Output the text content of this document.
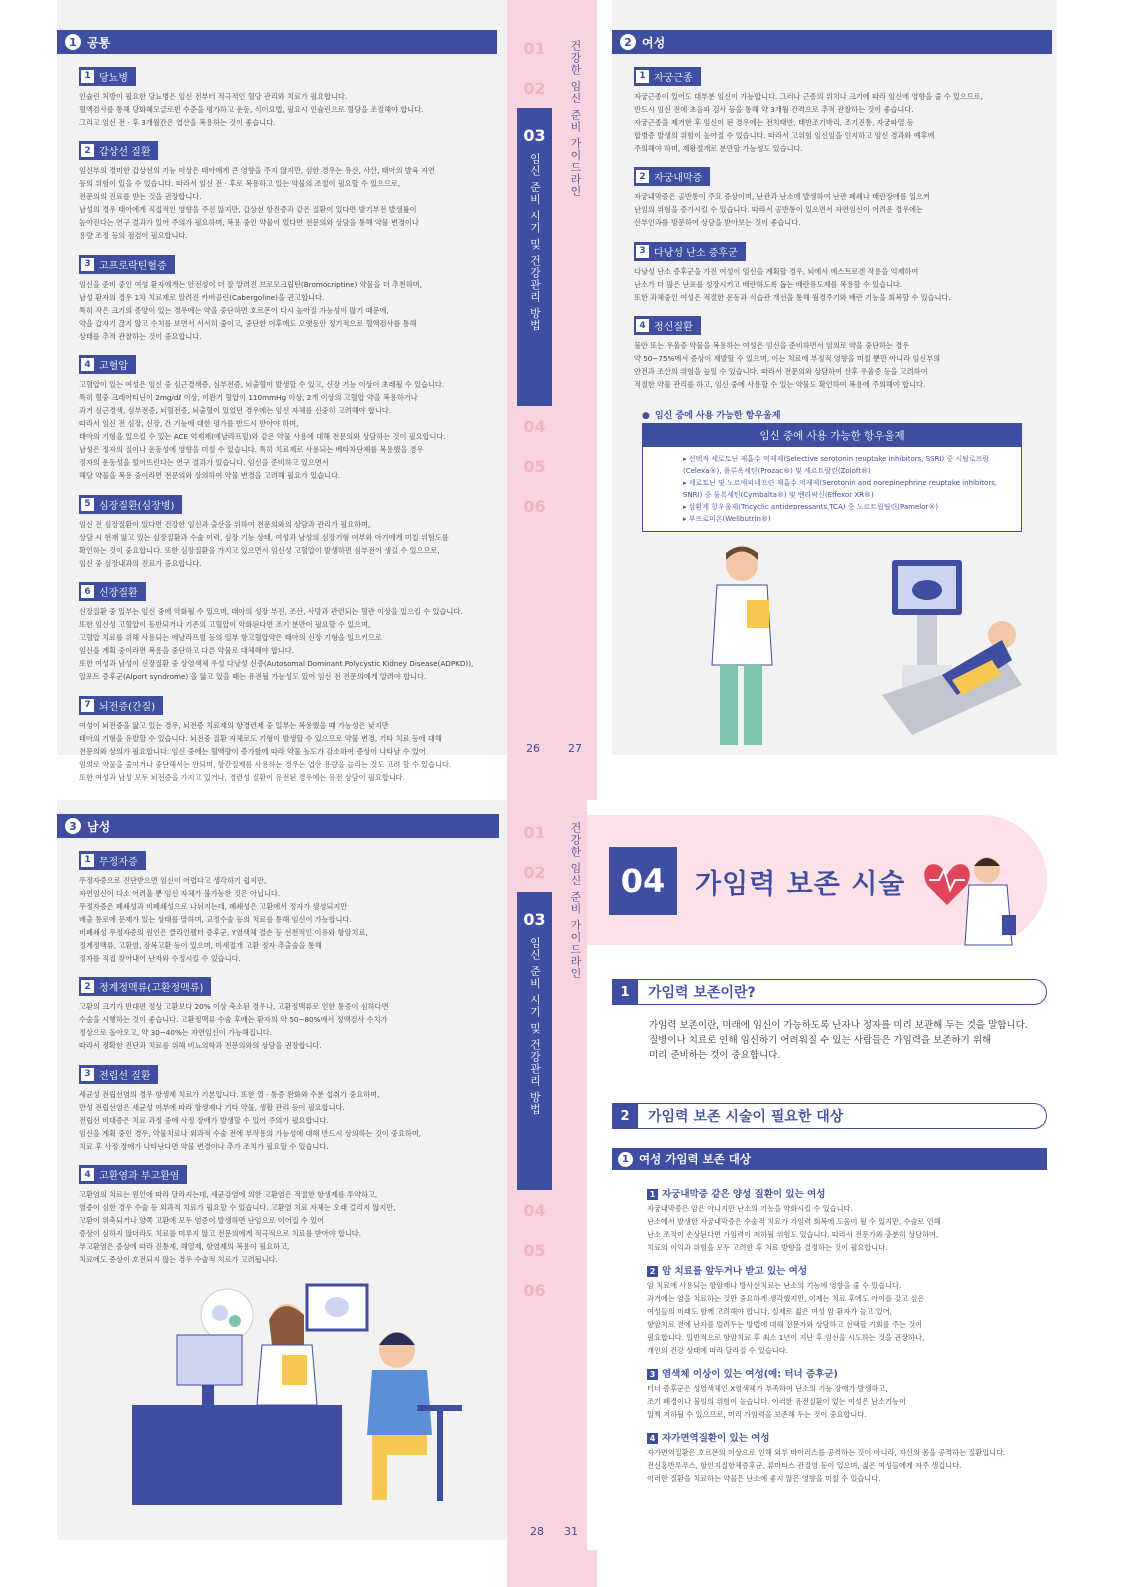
1 공통
1 당뇨병
인슐린 처방이 필요한 당뇨병은 임신 전부터 적극적인 혈당 관리와 치료가 필요합니다.
혈액검사를 통해 당화혜모글로빈 수준을 평가하고 운동, 식이요법, 필요시 인슐린으로 혈당을 조절해야 합니다.
그리고 임신 전 · 후 3개월간은 엽산을 복용하는 것이 좋습니다.
2 갑상선 질환
임신부의 경미한 갑상선의 기능 이상은 태아에게 큰 영향을 주지 않지만, 심한 경우는 유산, 사산, 태아의 발육 지연
등의 위험이 있을 수 있습니다. 따라서 임신 전 · 후로 복용하고 있는 약물의 조절이 필요할 수 있으므로,
전문의의 진료를 받는 것을 권장합니다.
남성의 경우 태아에게 직접적인 영향을 주진 않지만, 갑상선 항진증과 같은 질환이 있다면 발기부전 발생률이
높아진다는 연구 결과가 있어 주의가 필요하며, 복용 중인 약물이 있다면 전문의와 상담을 통해 약물 변경이나
용량 조정 등의 점검이 필요합니다.
3 고프로락틴혈증
임신을 준비 중인 여성 환자에게는 안전성이 더 잘 알려진 브로모크립틴(Bromocriptine) 약물을 더 추천하며,
남성 환자의 경우 1차 치료제로 알려진 카버골린(Cabergoline)을 권고합니다.
특히 작은 크기의 종양이 있는 경우에는 약을 중단하면 호르몬이 다시 높아질 가능성이 많기 때문에,
약을 갑자기 끊지 않고 수치를 보면서 서서히 줄이고, 중단한 이후에도 오랫동안 정기적으로 혈액검사를 통해
상태를 추적 관찰하는 것이 중요합니다.
4 고혈압
고혈압이 있는 여성은 임신 중 심근경색증, 심부전증, 뇌출혈이 발생할 수 있고, 신장 기능 이상이 초래될 수 있습니다.
특히 혈중 크레아티닌이 2mg/dℓ 이상, 이완기 혈압이 110mmHg 이상, 2개 이상의 고혈압 약을 복용하거나
과거 심근경색, 심부전증, 뇌혈전증, 뇌출혈이 있었던 경우에는 임신 자체를 신중히 고려해야 합니다.
따라서 임신 전 심장, 신장, 간 기능에 대한 평가를 반드시 받아야 하며,
태아의 기형을 일으킬 수 있는 ACE 억제제(에날라프릴)와 같은 약물 사용에 대해 전문의와 상담하는 것이 필요합니다.
남성은 정자의 질이나 운동성에 영향을 미칠 수 있습니다. 특히 치료제로 사용되는 베타차단제를 복용했을 경우
정자의 운동성을 떨어뜨린다는 연구 결과가 있습니다. 임신을 준비하고 있으면서
해당 약물을 복용 중이라면 전문의와 상의하여 약물 변경을 고려해 필요가 있습니다.
5 심장질환(심장병)
임신 전 심장질환이 있다면 건강한 임신과 출산을 위하여 전문의와의 상담과 관리가 필요하며,
상담 시 현재 앓고 있는 심장질환과 수술 이력, 심장 기능 상태, 여성과 남성의 심장기형 여부와 아기에게 미칠 위험도를
확인하는 것이 중요합니다. 또한 심장질환을 가지고 있으면서 임신성 고혈압이 발생하면 심부전이 생길 수 있으므로,
임신 중 심장내과의 진료가 중요합니다.
6 신장질환
신장질환 중 일부는 임신 중에 악화될 수 있으며, 태아의 성장 부진, 조산, 사망과 관련되는 혈관 이상을 일으킬 수 있습니다.
또한 임신성 고혈압이 동반되거나 기존의 고혈압이 악화된다면 조기 분만이 필요할 수 있으며,
고혈압 치료를 위해 사용되는 에날라프릴 등의 일부 항고혈압약은 태아의 신장 기형을 일으키므로
임신을 계획 중이라면 복용을 중단하고 다른 약물로 대체해야 합니다.
또한 여성과 남성이 신장질환 중 상염색체 우성 다낭성 신증(Autosomal Dominant Polycystic Kidney Disease(ADPKD)),
알포트 증후군(Alport syndrome) 을 앓고 있을 때는 유전될 가능성도 있어 임신 전 전문의에게 알려야 합니다.
7 뇌전증(간질)
여성이 뇌전증을 앓고 있는 경우, 뇌전증 치료제의 항경련제 중 일부는 복용했을 때 가능성은 낮지만
태아의 기형을 유발할 수 있습니다. 뇌전증 질환 자체로도 기형이 발생할 수 있으므로 약물 변경, 기타 치료 등에 대해
전문의와 상의가 필요합니다. 임신 중에는 혈액량이 증가함에 따라 약물 농도가 감소하여 증상이 나타날 수 있어
임의로 약물을 줄이거나 중단해서는 안되며, 항간질제를 사용하는 경우는 엽산 용량을 늘리는 것도 고려 할 수 있습니다.
또한 여성과 남성 모두 뇌전증을 가지고 있거나, 경련성 질환이 유전된 경우에는 유전 상담이 필요합니다.
01
02
03
임신 준비 시기 및 건강관리 방법
04
05
06
건강한 임신 준비 가이드라인
26	27
2 여성
1 자궁근종
자궁근종이 있어도 대부분 임신이 가능합니다. 그러나 근종의 위치나 크기에 따라 임신에 영향을 줄 수 있으므로,
반드시 임신 전에 초음파 검사 등을 통해 약 3개월 간격으로 추적 관찰하는 것이 좋습니다.
자궁근종을 제거한 후 임신이 된 경우에는 전치태반, 태반조기박리, 조기진통, 자궁파열 등
합병증 발생의 위험이 높아질 수 있습니다. 따라서 고위험 임신임을 인지하고 임신 경과와 예후에
주의해야 하며, 제왕절개로 분만할 가능성도 있습니다.
2 자궁내막증
자궁내막증은 골반통이 주요 증상이며, 난관과 난소에 발생하여 난관 폐쇄나 배란장애를 일으켜
난임의 위험을 증가시킬 수 있습니다. 따라서 골반통이 있으면서 자연임신이 어려운 경우에는
산부인과를 방문하여 상담을 받아보는 것이 좋습니다.
3 다낭성 난소 증후군
다낭성 난소 증후군을 가진 여성이 임신을 계획할 경우, 뇌에서 에스트로겐 작용을 억제하여
난소가 더 많은 난포를 성장시키고 배란하도록 돕는 배란유도제를 복용할 수 있습니다.
또한 과체중인 여성은 적절한 운동과 식습관 개선을 통해 월경주기와 배란 기능을 회복할 수 있습니다.
4 정신질환
불안 또는 우울증 약물을 복용하는 여성은 임신을 준비하면서 임의로 약을 중단하는 경우
약 50~75%에서 증상이 재발할 수 있으며, 이는 치료에 부정적 영향을 미칠 뿐만 아니라 임신부의
안전과 조산의 위험을 높일 수 있습니다. 따라서 전문의와 상담하여 산후 우울증 등을 고려하여
적절한 약물 관리를 하고, 임신 중에 사용할 수 있는 약물도 확인하여 복용에 주의해야 합니다.
● 임신 중에 사용 가능한 항우울제
임신 중에 사용 가능한 항우울제
▸ 선택적 세로토닌 재흡수 억제제(Selective serotonin reuptake inhibitors, SSRI) 중 시탈로프람(Celexa®), 플루옥세틴(Prozac®) 및 세르트랄린(Zoloft®)
▸ 세로토닌 및 노르에피네프린 재흡수 억제제(Serotonin and norepinephrine reuptake inhibitors, SNRI) 중 둘록세틴(Cymbalta®) 및 벤라팍신(Effexor XR®)
▸ 삼환계 항우울제(Tricyclic antidepressants,TCA) 중 노르트립틸린(Pamelor®)
▸ 부프로피온(Wellbutrin®)
3 남성
1 무정자증
무정자증으로 진단받으면 임신이 어렵다고 생각하기 쉽지만,
자연임신이 다소 어려울 뿐 임신 자체가 불가능한 것은 아닙니다.
무정자증은 폐쇄성과 비폐쇄성으로 나뉘지는데, 폐쇄성은 고환에서 정자가 생성되지만
배출 통로에 문제가 있는 상태를 말하며, 교정수술 등의 치료를 통해 임신이 가능합니다.
비폐쇄성 무정자증의 원인은 클라인펠터 증후군, Y염색체 결손 등 선천적인 이유와 항암치료,
정계정맥류, 고환염, 잠복고환 등이 있으며, 미세절개 고환 정자 추출술을 통해
정자를 직접 찾아내어 난자와 수정시킬 수 있습니다.
2 정계정맥류(고환정맥류)
고환의 크기가 반대편 정상 고환보다 20% 이상 축소된 경우나, 고환정맥류로 인한 통증이 심하다면
수술을 시행하는 것이 좋습니다. 고환정맥류 수술 후에는 환자의 약 50~80%에서 정액검사 수치가
정상으로 돌아오고, 약 30~40%는 자연임신이 가능해집니다.
따라서 정확한 진단과 치료를 위해 비뇨의학과 전문의와의 상담을 권장합니다.
3 전립선 질환
세균성 전립선염의 경우 항생제 치료가 기본입니다. 또한 열 · 통증 완화와 수분 섭취가 중요하며,
만성 전립선염은 세균성 여부에 따라 항생제나 기타 약물, 생활 관리 등이 필요합니다.
전립선 비대증은 치료 과정 중에 사정 장애가 발생할 수 있어 주의가 필요합니다.
임신을 계획 중인 경우, 약물치료나 외과적 수술 전에 부작용의 가능성에 대해 반드시 상의하는 것이 중요하며,
치료 후 사정 장애가 나타난다면 약물 변경이나 추가 조치가 필요할 수 있습니다.
4 고환염과 부고환염
고환염의 치료는 원인에 따라 달라지는데, 세균감염에 의한 고환염은 적절한 항생제를 투약하고,
염증이 심한 경우 수술 등 외과적 치료가 필요할 수 있습니다. 고환염 치료 자체는 오래 걸리지 않지만,
고환이 위축되거나 양쪽 고환에 모두 염증이 발생하면 난임으로 이어질 수 있어
증상이 심하지 않더라도 치료를 미루지 않고 전문의에게 적극적으로 치료를 받아야 합니다.
부고환염은 증상에 따라 진통제, 해열제, 항염제의 복용이 필요하고,
치료에도 증상이 호전되지 않는 경우 수술적 치료가 고려됩니다.
01
02
03
임신 준비 시기 및 건강관리 방법
04
05
06
건강한 임신 준비 가이드라인
28 31
04	가임력 보존 시술
1	가임력 보존이란?
가임력 보존이란, 미래에 임신이 가능하도록 난자나 정자를 미리 보관해 두는 것을 말합니다.
질병이나 치료로 인해 임신하기 어려워질 수 있는 사람들은 가임력을 보존하기 위해
미리 준비하는 것이 중요합니다.
2	가임력 보존 시술이 필요한 대상
1 여성 가임력 보존 대상
1 자궁내막증 같은 양성 질환이 있는 여성
자궁내막증은 암은 아니지만 난소의 기능을 약화시킬 수 있습니다.
난소에서 발생한 자궁내막증은 수술적 치료가 가임력 회복에 도움이 될 수 있지만, 수술로 인해
난소 조직이 손상된다면 가임력이 저하될 위험도 있습니다. 따라서 전문가와 충분히 상담하여,
치료의 이익과 위험을 모두 고려한 후 치료 방향을 결정하는 것이 필요합니다.
2 암 치료를 앞두거나 받고 있는 여성
암 치료에 사용되는 항암제나 방사선치료는 난소의 기능에 영향을 줄 수 있습니다.
과거에는 암을 치료하는 것만 중요하게 생각했지만, 이제는 치료 후에도 아이를 갖고 싶은
여성들의 미래도 함께 고려해야 합니다. 실제로 젊은 여성 암 환자가 늘고 있어,
항암치료 전에 난자를 얼려두는 방법에 대해 전문가와 상담하고 선택할 기회를 주는 것이
필요합니다. 일반적으로 항암치료 후 최소 1년이 지난 후 임신을 시도하는 것을 권장하나,
개인의 건강 상태에 따라 달라질 수 있습니다.
3 염색체 이상이 있는 여성(예: 터너 증후군)
터너 증후군은 성염색체인 X염색체가 부족하여 난소의 기능 장애가 발생하고,
조기 폐경이나 불임의 위험이 높습니다. 이러한 유전질환이 있는 여성은 난소기능이
일찍 저하될 수 있으므로, 미리 가임력을 보존해 두는 것이 중요합니다.
4 자가면역질환이 있는 여성
자가면역질환은 호르몬의 이상으로 인해 외부 바이러스를 공격하는 것이 아니라, 자신의 몸을 공격하는 질환입니다.
전신홍반루푸스, 항인지질항체증후군, 류마티스 관절염 등이 있으며, 젊은 여성들에게 자주 생깁니다.
이러한 질환을 치료하는 약물은 난소에 좋지 않은 영향을 미칠 수 있습니다.
